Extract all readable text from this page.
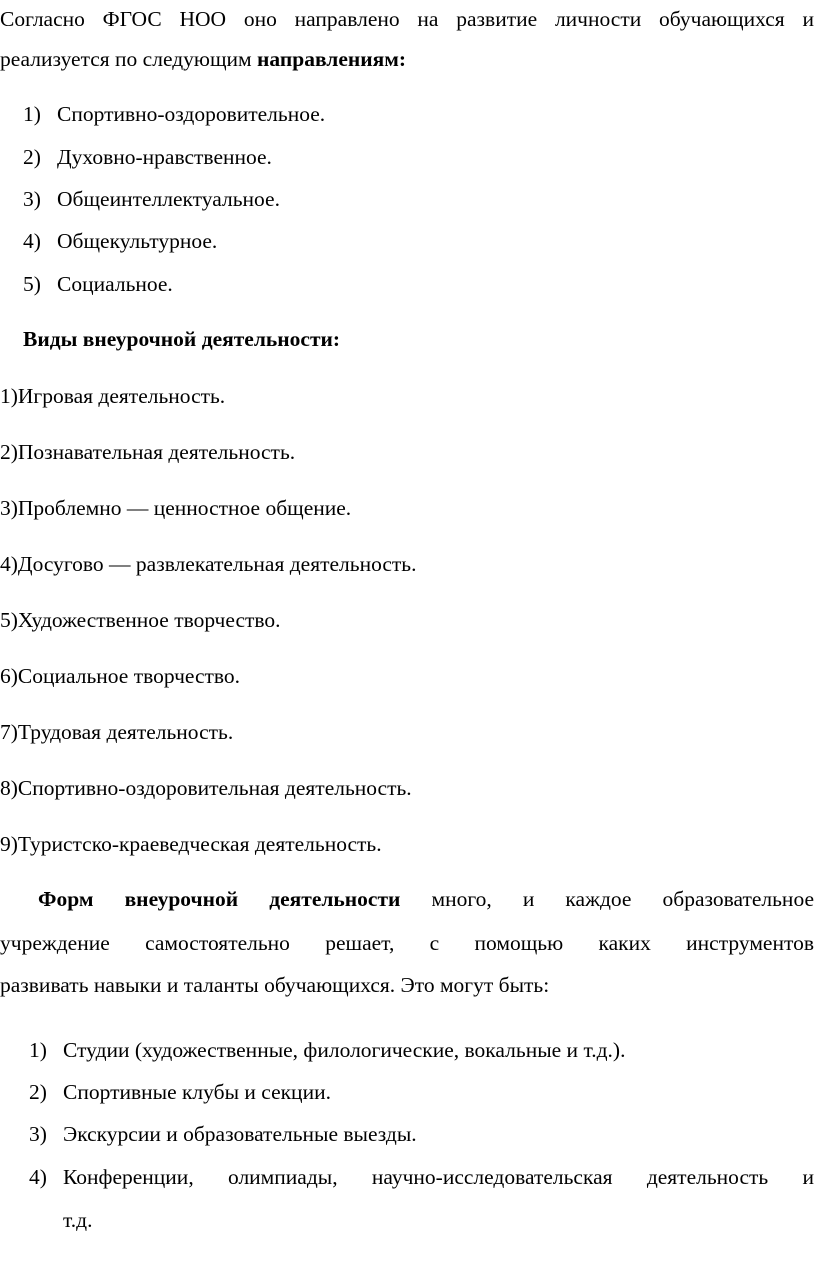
Согласно ФГОС НОО оно направлено на развитие личности обучающихся и
реализуется по следующим направлениям:
1) Спортивно-оздоровительное.
2) Духовно-нравственное.
3) Общеинтеллектуальное.
4) Общекультурное.
5) Социальное.
Виды внеурочной деятельности:
1)Игровая деятельность.
2)Познавательная деятельность.
3)Проблемно — ценностное общение.
4)Досугово — развлекательная деятельность.
5)Художественное творчество.
6)Социальное творчество.
7)Трудовая деятельность.
8)Спортивно-оздоровительная деятельность.
9)Туристско-краеведческая деятельность.
Форм внеурочной деятельности много, и каждое образовательное
учреждение самостоятельно решает, с помощью каких инструментов
развивать навыки и таланты обучающихся. Это могут быть:
1) Студии (художественные, филологические, вокальные и т.д.).
2) Спортивные клубы и секции.
3) Экскурсии и образовательные выезды.
4) Конференции, олимпиады, научно-исследовательская деятельность и
т.д.
